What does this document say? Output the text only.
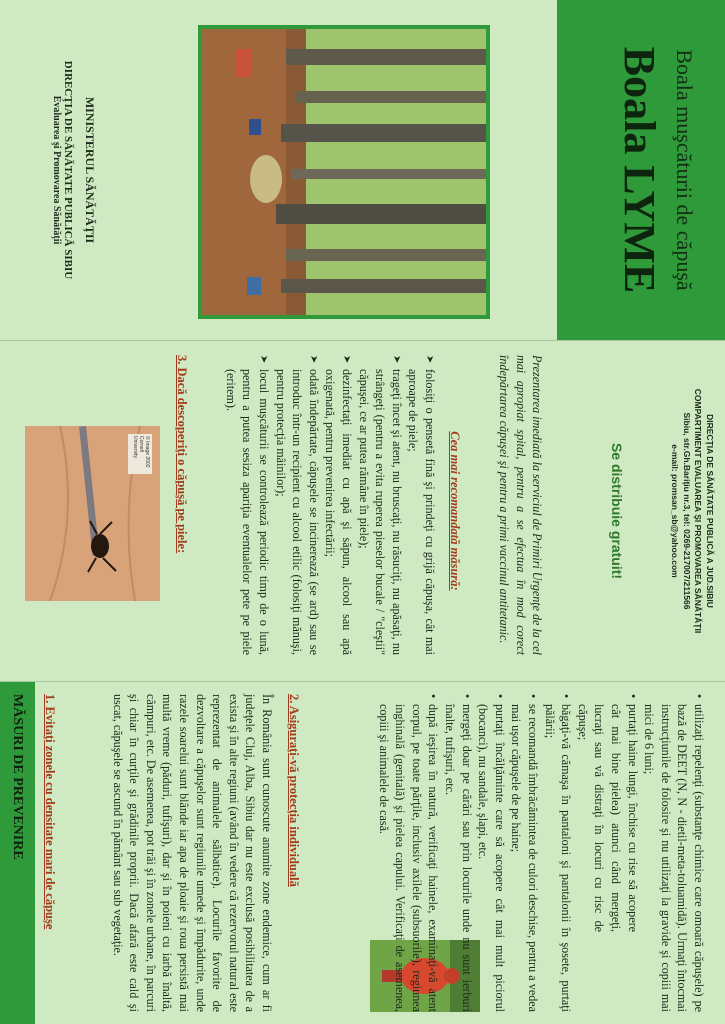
MINISTERUL SĂNĂTĂŢII

DIRECŢIA DE SĂNĂTATE PUBLICĂ SIBIU

Evaluarea şi Promovarea Sănătăţii	Boala LYME Boala muşcăturii de căpuşă

© Image 2002 Cornell University	3. Dacă descoperiţi o căpuşă pe piele:	➤ folosiţi o pensetă fină şi prindeţi cu grijă căpuşa, cât mai aproape de piele;
➤ trageţi încet şi atent, nu bruscaţi, nu răsuciţi, nu apăsaţi, nu strângeţi (pentru a evita ruperea pieselor bucale / "cleştii" căpuşei, ce ar putea rămâne în piele);
➤ dezinfectaţi imediat cu apă şi săpun, alcool sau apă oxigenată, pentru prevenirea infectării;
➤ odată îndepărtate, căpuşele se incinerează (se ard) sau se introduc într-un recipient cu alcool etilic (folosiţi mănuşi, pentru protecţia mâinilor);
➤ locul muşcăturii se controlează periodic timp de o lună, pentru a putea sesiza apariţia eventualelor pete pe piele (eritem).

Cea mai recomandată măsură:	Prezentarea imediată la serviciul de Primiri Urgenţe de la cel mai apropiat spital, pentru a se efectua în mod corect îndepărtarea căpuşei şi pentru a primi vaccinul antitetanic.	Se distribuie gratuit!	DIRECŢIA DE SĂNĂTATE PUBLICĂ A JUD.SIBIU

COMPARTIMENT EVALUAREA ŞI PROMOVAREA SĂNĂTĂŢII

Sibiu, str.Gh.Bariţiu nr.3, tel: 0269-217007/211566

e-mail: promsan_sb@yahoo.com

MĂSURI DE PREVENIRE	1. Evitaţi zonele cu densitate mari de căpuşe	În România sunt cunoscute anumite zone endemice, cum ar fi judeţele Cluj, Alba, Sibiu dar nu este exclusă posibilitatea de a exista şi în alte regiuni (având în vedere că rezervorul natural este reprezentat de animalele sălbatice). Locurile favorite de dezvoltare a căpuşelor sunt regiunile umede şi împădurite, unde razele soarelui sunt blânde iar apa de ploaie şi roua persistă mai multă vreme (păduri, tufişuri), dar şi în poieni cu iarbă înaltă, câmpuri, etc. De asemenea, pot trăi şi în zonele urbane, în parcuri şi chiar în curţile şi grădinile proprii. Dacă afară este cald şi uscat, căpuşele se ascund în pământ sau sub vegetaţie.	2. Asiguraţi-vă protecţia individuală	• utilizaţi repelenţi (substanţe chimice care omoară căpuşele) pe bază de DEET (N, N - dietil-meta-toluamidă). Urmaţi întocmai instrucţiunile de folosire şi nu utilizaţi la gravide şi copiii mai mici de 6 luni;
• purtaţi haine lungi, închise cu rise să acopere cât mai bine pielea) atunci când mergeţi, lucraţi sau vă distraţi în locuri cu risc de căpuşe;
• băgaţi-vă cămaşa în pantaloni şi pantalonii în şosete, purtaţi pălării;
• se recomandă îmbrăcămintea de culori deschise, pentru a vedea mai uşor căpuşele de pe haine;
• purtaţi încălţăminte care să acopere cât mai mult piciorul (bocanci), nu sandale, şlapi, etc.
• mergeţi doar pe cărări sau prin locurile unde nu sunt ierburi înalte, tufişuri, etc.
• după ieşirea în natură, verificaţi hainele, examinaţi-vă atent corpul, pe toate părţile, inclusiv axilele (subsuorile), regiunea inghinală (genitală) şi pielea capului. Verificaţi de asemenea, copiii şi animalele de casă.
